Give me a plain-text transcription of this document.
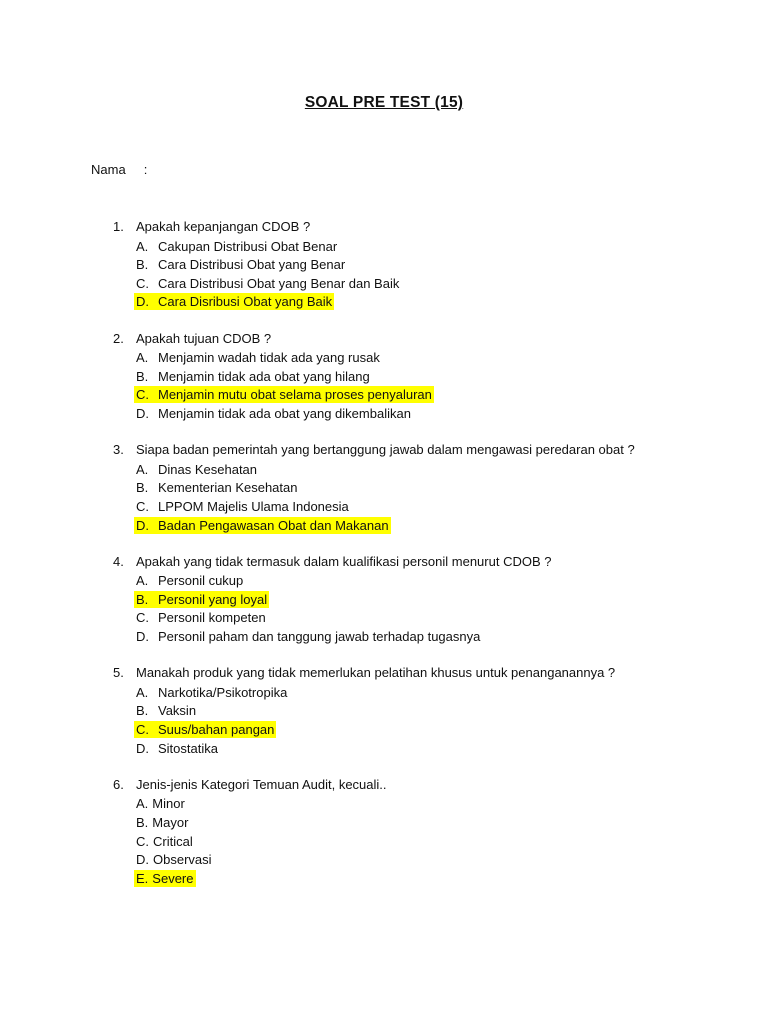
SOAL PRE TEST (15)
Nama :
1. Apakah kepanjangan CDOB ?
A. Cakupan Distribusi Obat Benar
B. Cara Distribusi Obat yang Benar
C. Cara Distribusi Obat yang Benar dan Baik
D. Cara Disribusi Obat yang Baik
2. Apakah tujuan CDOB ?
A. Menjamin wadah tidak ada yang rusak
B. Menjamin tidak ada obat yang hilang
C. Menjamin mutu obat selama proses penyaluran
D. Menjamin tidak ada obat yang dikembalikan
3. Siapa badan pemerintah yang bertanggung jawab dalam mengawasi peredaran obat ?
A. Dinas Kesehatan
B. Kementerian Kesehatan
C. LPPOM Majelis Ulama Indonesia
D. Badan Pengawasan Obat dan Makanan
4. Apakah yang tidak termasuk dalam kualifikasi personil menurut CDOB ?
A. Personil cukup
B. Personil yang loyal
C. Personil kompeten
D. Personil paham dan tanggung jawab terhadap tugasnya
5. Manakah produk yang tidak memerlukan pelatihan khusus untuk penanganannya ?
A. Narkotika/Psikotropika
B. Vaksin
C. Suus/bahan pangan
D. Sitostatika
6. Jenis-jenis Kategori Temuan Audit, kecuali..
A. Minor
B. Mayor
C. Critical
D. Observasi
E. Severe
